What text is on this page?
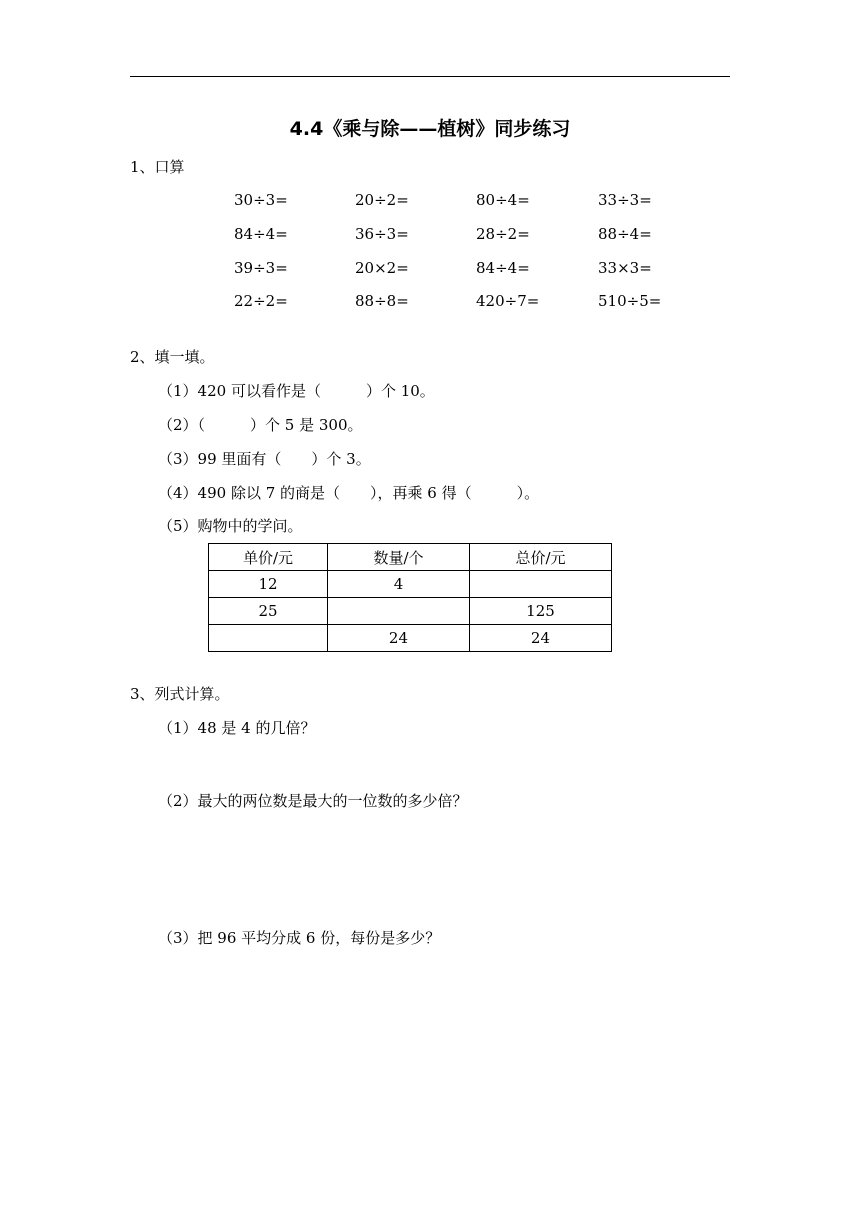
4.4《乘与除——植树》同步练习
1、口算
30÷3=	20÷2=	80÷4=	33÷3=
84÷4=	36÷3=	28÷2=	88÷4=
39÷3=	20×2=	84÷4=	33×3=
22÷2=	88÷8=	420÷7=	510÷5=
2、填一填。
（1）420 可以看作是（　　　）个 10。
（2）（　　　）个 5 是 300。
（3）99 里面有（　　）个 3。
（4）490 除以 7 的商是（　　），再乘 6 得（　　　）。
（5）购物中的学问。
单价/元	数量/个	总价/元
12	4	
25		125
	24	24
3、列式计算。
（1）48 是 4 的几倍？
（2）最大的两位数是最大的一位数的多少倍？
（3）把 96 平均分成 6 份，每份是多少？
